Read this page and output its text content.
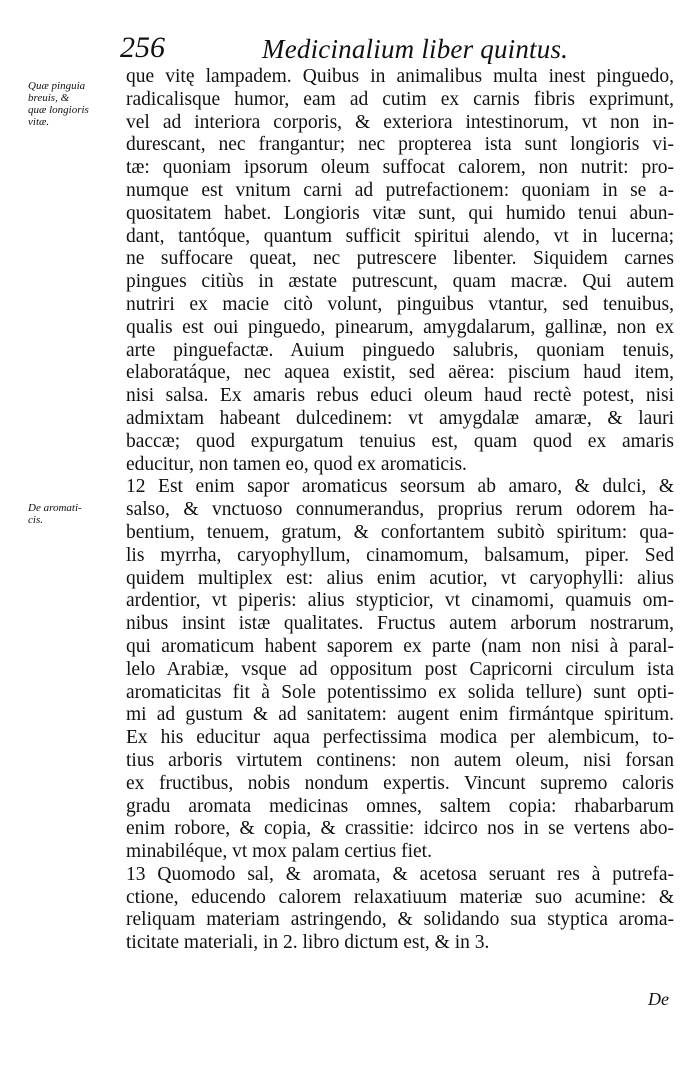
256	Medicinalium liber quintus.
Quæ pinguia
breuis, &
quæ longioris
vitæ.
De aromati-
cis.
que vitę lampadem. Quibus in animalibus multa inest pinguedo,
radicalisque humor, eam ad cutim ex carnis fibris exprimunt,
vel ad interiora corporis, & exteriora intestinorum, vt non in-
durescant, nec frangantur; nec propterea ista sunt longioris vi-
tæ: quoniam ipsorum oleum suffocat calorem, non nutrit: pro-
numque est vnitum carni ad putrefactionem: quoniam in se a-
quositatem habet. Longioris vitæ sunt, qui humido tenui abun-
dant, tantóque, quantum sufficit spiritui alendo, vt in lucerna;
ne suffocare queat, nec putrescere libenter. Siquidem carnes
pingues citiùs in æstate putrescunt, quam macræ. Qui autem
nutriri ex macie citò volunt, pinguibus vtantur, sed tenuibus,
qualis est oui pinguedo, pinearum, amygdalarum, gallinæ, non ex
arte pinguefactæ. Auium pinguedo salubris, quoniam tenuis,
elaboratáque, nec aquea existit, sed aërea: piscium haud item,
nisi salsa. Ex amaris rebus educi oleum haud rectè potest, nisi
admixtam habeant dulcedinem: vt amygdalæ amaræ, & lauri
baccæ; quod expurgatum tenuius est, quam quod ex amaris
educitur, non tamen eo, quod ex aromaticis.
12 Est enim sapor aromaticus seorsum ab amaro, & dulci, &
salso, & vnctuoso connumerandus, proprius rerum odorem ha-
bentium, tenuem, gratum, & confortantem subitò spiritum: qua-
lis myrrha, caryophyllum, cinamomum, balsamum, piper. Sed
quidem multiplex est: alius enim acutior, vt caryophylli: alius
ardentior, vt piperis: alius stypticior, vt cinamomi, quamuis om-
nibus insint istæ qualitates. Fructus autem arborum nostrarum,
qui aromaticum habent saporem ex parte (nam non nisi à paral-
lelo Arabiæ, vsque ad oppositum post Capricorni circulum ista
aromaticitas fit à Sole potentissimo ex solida tellure) sunt opti-
mi ad gustum & ad sanitatem: augent enim firmántque spiritum.
Ex his educitur aqua perfectissima modica per alembicum, to-
tius arboris virtutem continens: non autem oleum, nisi forsan
ex fructibus, nobis nondum expertis. Vincunt supremo caloris
gradu aromata medicinas omnes, saltem copia: rhabarbarum
enim robore, & copia, & crassitie: idcirco nos in se vertens abo-
minabiléque, vt mox palam certius fiet.
13 Quomodo sal, & aromata, & acetosa seruant res à putrefa-
ctione, educendo calorem relaxatiuum materiæ suo acumine: &
reliquam materiam astringendo, & solidando sua styptica aroma-
ticitate materiali, in 2. libro dictum est, & in 3.
De
